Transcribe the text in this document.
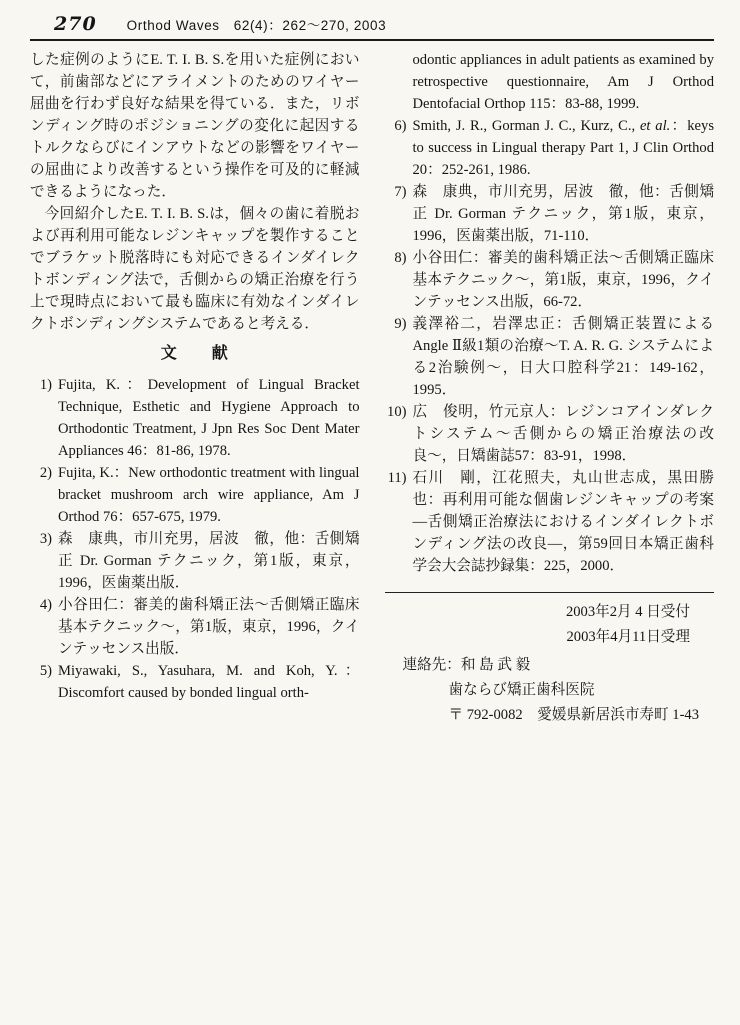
270 Orthod Waves　62(4)：262～270, 2003

した症例のようにE. T. I. B. S.を用いた症例において，前歯部などにアライメントのためのワイヤー屈曲を行わず良好な結果を得ている．また，リボンディング時のポジショニングの変化に起因するトルクならびにインアウトなどの影響をワイヤーの屈曲により改善するという操作を可及的に軽減できるようになった．

今回紹介したE. T. I. B. S.は，個々の歯に着脱および再利用可能なレジンキャップを製作することでブラケット脱落時にも対応できるインダイレクトボンディング法で，舌側からの矯正治療を行う上で現時点において最も臨床に有効なインダイレクトボンディングシステムであると考える．

文　　献
1) Fujita, K.：Development of Lingual Bracket Technique, Esthetic and Hygiene Approach to Orthodontic Treatment, J Jpn Res Soc Dent Mater Appliances 46：81-86, 1978.
2) Fujita, K.：New orthodontic treatment with lingual bracket mushroom arch wire appliance, Am J Orthod 76：657-675, 1979.
3) 森　康典，市川充男，居波　徹，他：舌側矯正 Dr. Gorman テクニック，第1版，東京，1996，医歯薬出版．
4) 小谷田仁：審美的歯科矯正法〜舌側矯正臨床基本テクニック〜，第1版，東京，1996，クインテッセンス出版．
5) Miyawaki, S., Yasuhara, M. and Koh, Y.：Discomfort caused by bonded lingual orth-
odontic appliances in adult patients as examined by retrospective questionnaire, Am J Orthod Dentofacial Orthop 115：83-88, 1999.
6) Smith, J. R., Gorman J. C., Kurz, C., et al.：keys to success in Lingual therapy Part 1, J Clin Orthod 20：252-261, 1986.
7) 森　康典，市川充男，居波　徹，他：舌側矯正 Dr. Gorman テクニック，第1版，東京，1996，医歯薬出版，71-110．
8) 小谷田仁：審美的歯科矯正法〜舌側矯正臨床基本テクニック〜，第1版，東京，1996，クインテッセンス出版，66-72．
9) 義澤裕二，岩澤忠正：舌側矯正装置による Angle Ⅱ級1類の治療〜T. A. R. G. システムによる2治験例〜，日大口腔科学21：149-162，1995．
10) 広　俊明，竹元京人：レジンコアインダレクトシステム〜舌側からの矯正治療法の改良〜，日矯歯誌57：83-91，1998．
11) 石川　剛，江花照夫，丸山世志成，黒田勝也：再利用可能な個歯レジンキャップの考案―舌側矯正治療法におけるインダイレクトボンディング法の改良―，第59回日本矯正歯科学会大会誌抄録集：225，2000．
2003年2月 4 日受付
2003年4月11日受理
連絡先：和 島 武 毅
歯ならび矯正歯科医院
〒 792-0082　愛媛県新居浜市寿町 1-43
